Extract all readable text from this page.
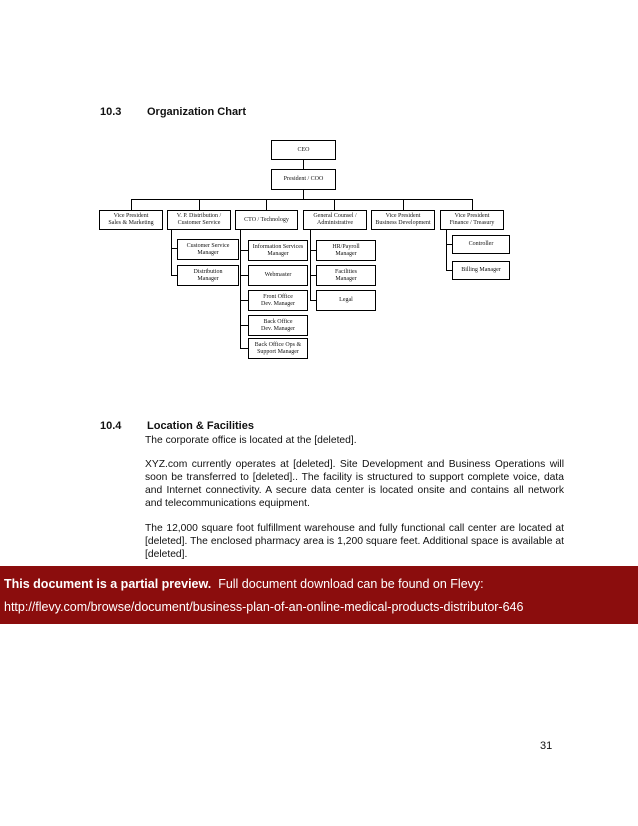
10.3 Organization Chart
CEO
President / COO
Vice President
Sales & Marketing
V. P. Distribution /
Customer Service
CTO / Technology
General Counsel /
Administrative
Vice President
Business Development
Vice President
Finance / Treasury
Customer Service
Manager
Distribution
Manager
Information Services
Manager
Webmaster
Front Office
Dev. Manager
Back Office
Dev. Manager
Back Office Ops &
Support Manager
HR/Payroll
Manager
Facilities
Manager
Legal
Controller
Billing Manager
10.4 Location & Facilities

The corporate office is located at the [deleted].

XYZ.com currently operates at [deleted]. Site Development and Business Operations will soon be transferred to [deleted].. The facility is structured to support complete voice, data and Internet connectivity. A secure data center is located onsite and contains all network and telecommunications equipment.

The 12,000 square foot fulfillment warehouse and fully functional call center are located at [deleted]. The enclosed pharmacy area is 1,200 square feet. Additional space is available at [deleted].

This document is a partial preview. Full document download can be found on Flevy:
http://flevy.com/browse/document/business-plan-of-an-online-medical-products-distributor-646
31
